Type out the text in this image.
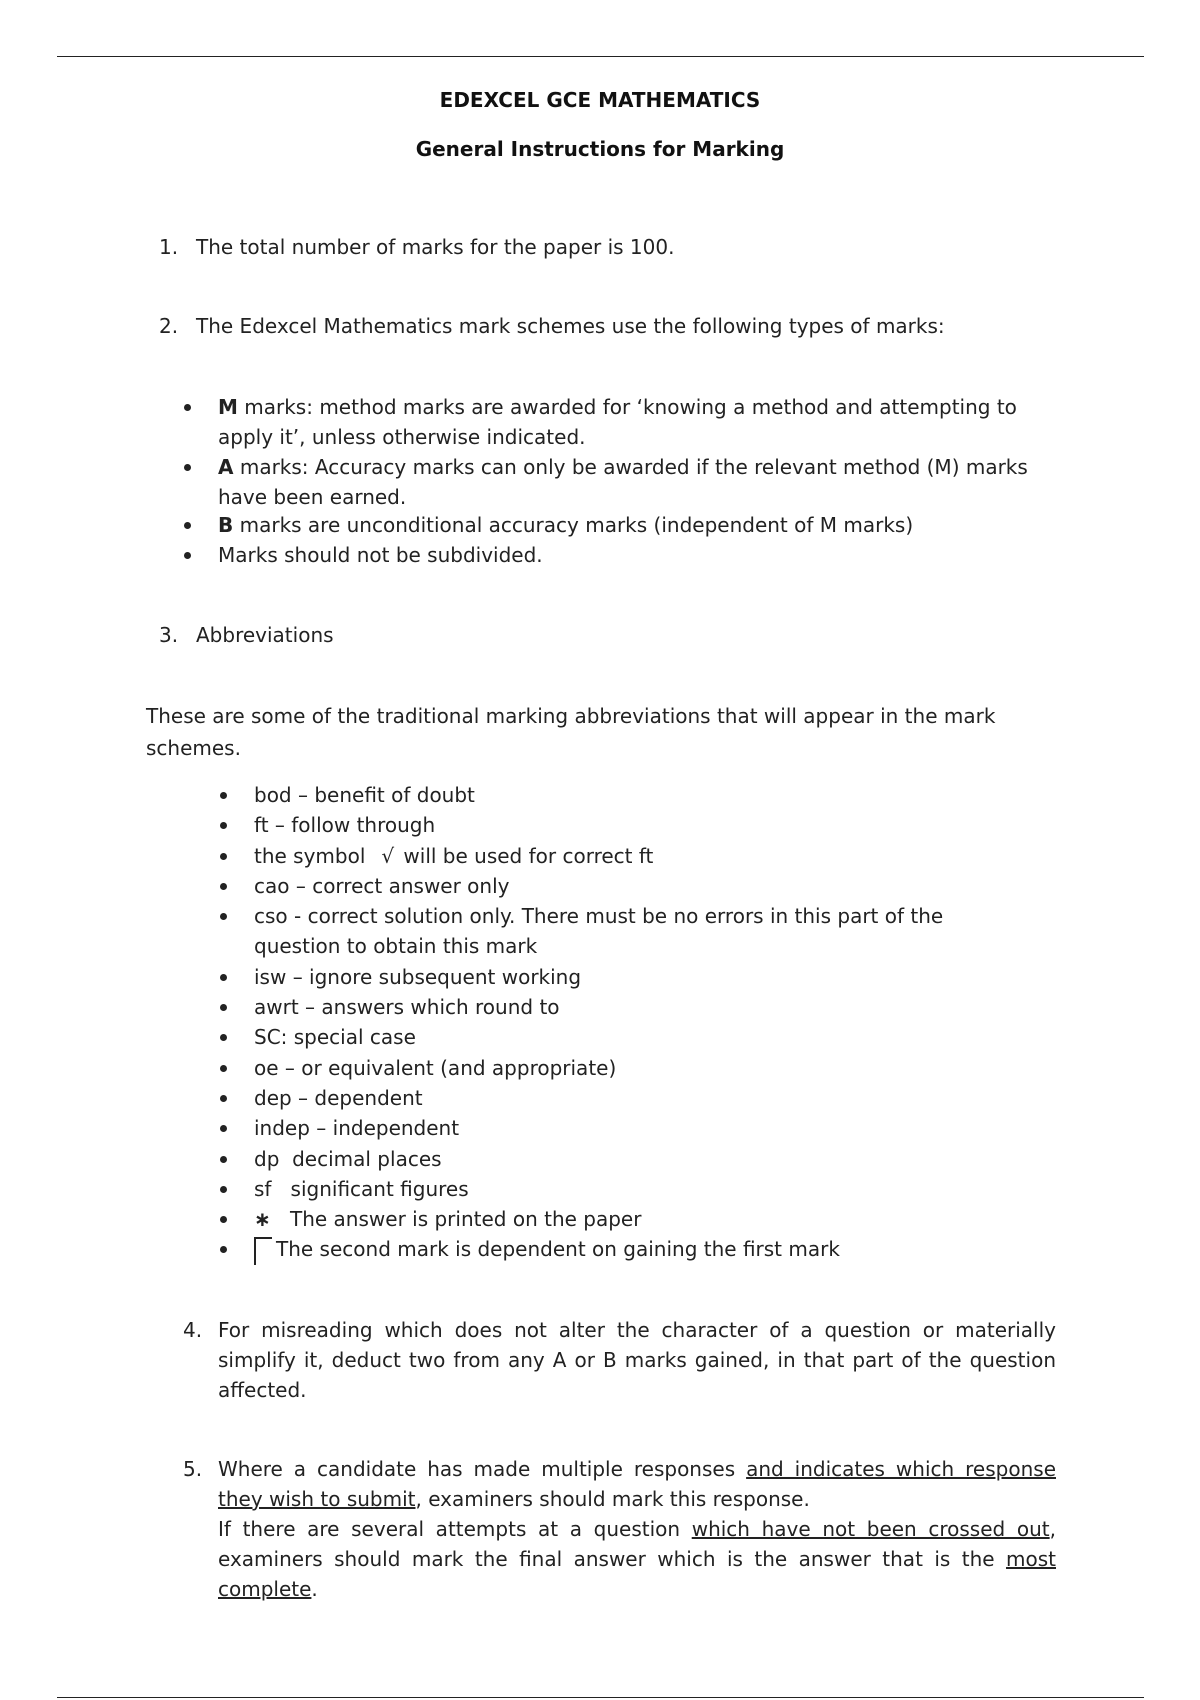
EDEXCEL GCE MATHEMATICS
General Instructions for Marking
1. The total number of marks for the paper is 100.
2. The Edexcel Mathematics mark schemes use the following types of marks:
M marks: method marks are awarded for ‘knowing a method and attempting to apply it’, unless otherwise indicated.
A marks: Accuracy marks can only be awarded if the relevant method (M) marks have been earned.
B marks are unconditional accuracy marks (independent of M marks)
Marks should not be subdivided.
3. Abbreviations
These are some of the traditional marking abbreviations that will appear in the mark schemes.
bod – benefit of doubt
ft – follow through
the symbol √ will be used for correct ft
cao – correct answer only
cso - correct solution only. There must be no errors in this part of the question to obtain this mark
isw – ignore subsequent working
awrt – answers which round to
SC: special case
oe – or equivalent (and appropriate)
dep – dependent
indep – independent
dp  decimal places
sf   significant figures
∗ The answer is printed on the paper
The second mark is dependent on gaining the first mark
4. For misreading which does not alter the character of a question or materially simplify it, deduct two from any A or B marks gained, in that part of the question affected.
5. Where a candidate has made multiple responses and indicates which response they wish to submit, examiners should mark this response.
If there are several attempts at a question which have not been crossed out, examiners should mark the final answer which is the answer that is the most complete.
